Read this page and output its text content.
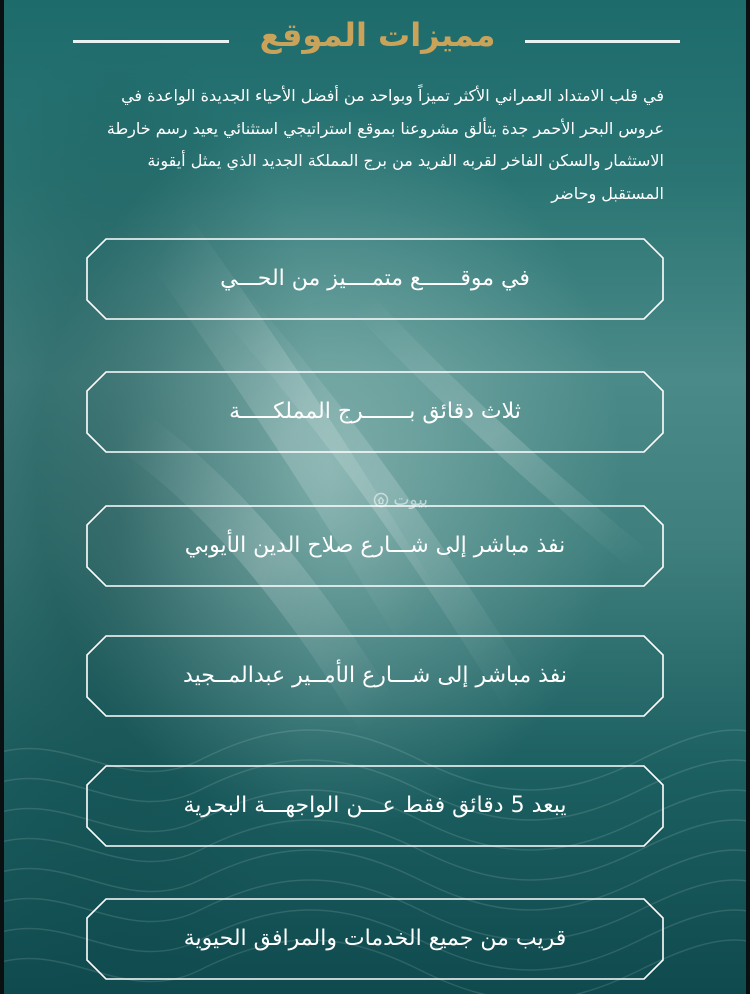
مميزات الموقع
في قلب الامتداد العمراني الأكثر تميزاً وبواحد من أفضل الأحياء الجديدة الواعدة في عروس البحر الأحمر جدة يتألق مشروعنا بموقع استراتيجي استثنائي يعيد رسم خارطة الاستثمار والسكن الفاخر لقربه الفريد من برج المملكة الجديد الذي يمثل أيقونة المستقبل وحاضر
في موقــــــع متمــــيز من الحـــي
ثلاث دقائق بـــــــرج المملكـــــة
بيوت
نفذ مباشر إلى شـــارع صلاح الدين الأيوبي
نفذ مباشر إلى شـــارع الأمــير عبدالمــجيد
يبعد 5 دقائق فقط عـــن الواجهـــة البحرية
قريب من جميع الخدمات والمرافق الحيوية
